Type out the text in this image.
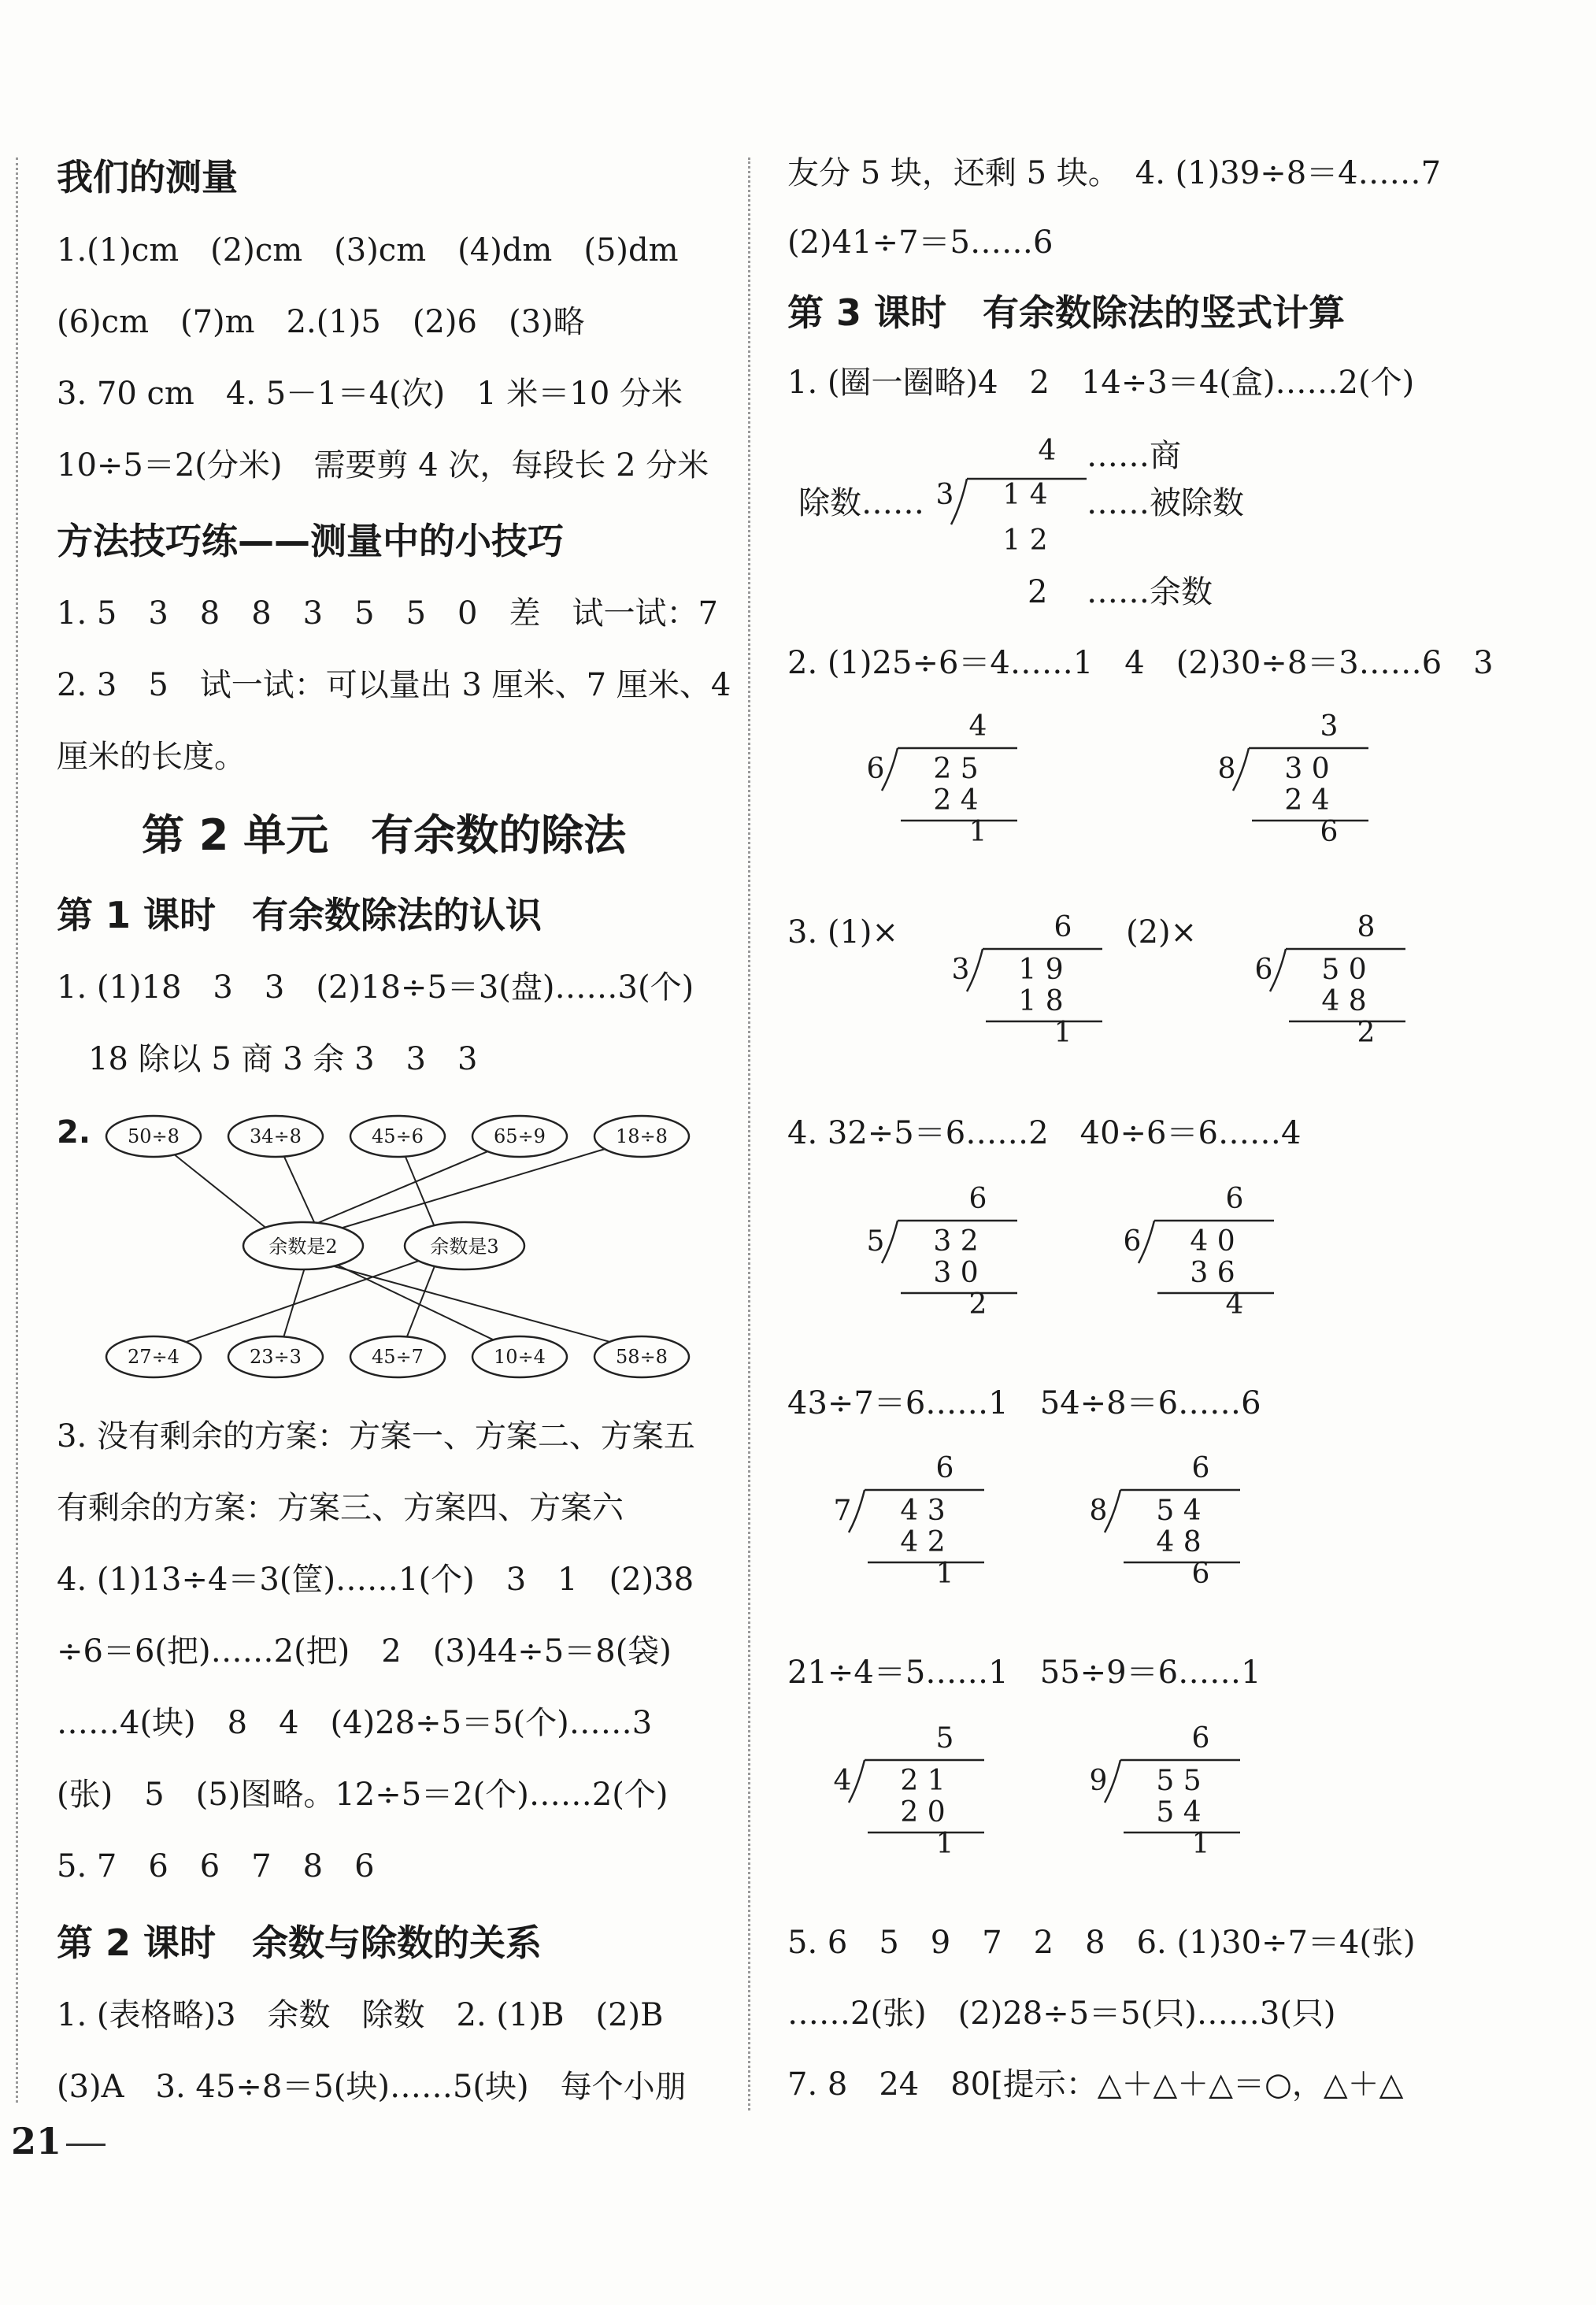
我们的测量
1.(1)cm　(2)cm　(3)cm　(4)dm　(5)dm
(6)cm　(7)m　2.(1)5　(2)6　(3)略
3. 70 cm　4. 5－1＝4(次)　1 米＝10 分米
10÷5＝2(分米)　需要剪 4 次，每段长 2 分米
方法技巧练——测量中的小技巧
1. 5　3　8　8　3　5　5　0　差　试一试：7
2. 3　5　试一试：可以量出 3 厘米、7 厘米、4
厘米的长度。
第 2 单元　有余数的除法
第 1 课时　有余数除法的认识
1. (1)18　3　3　(2)18÷5＝3(盘)……3(个)
18 除以 5 商 3 余 3　3　3
2. 50÷8	34÷8	45÷6	65÷9	18÷8
余数是2	余数是3
27÷4	23÷3	45÷7	10÷4	58÷8
3. 没有剩余的方案：方案一、方案二、方案五
有剩余的方案：方案三、方案四、方案六
4. (1)13÷4＝3(筐)……1(个)　3　1　(2)38
÷6＝6(把)……2(把)　2　(3)44÷5＝8(袋)
……4(块)　8　4　(4)28÷5＝5(个)……3
(张)　5　(5)图略。12÷5＝2(个)……2(个)
5. 7　6　6　7　8　6
第 2 课时　余数与除数的关系
1. (表格略)3　余数　除数　2. (1)B　(2)B
(3)A　3. 45÷8＝5(块)……5(块)　每个小朋
21
友分 5 块，还剩 5 块。　4. (1)39÷8＝4……7
(2)41÷7＝5……6
第 3 课时　有余数除法的竖式计算
1. (圈一圈略)4　2　14÷3＝4(盒)……2(个)
除数……
4
3 1 4
1 2
2
……商
……被除数
……余数
2. (1)25÷6＝4……1　4　(2)30÷8＝3……6　3
3. (1)×	(2)×
4. 32÷5＝6……2　40÷6＝6……4
43÷7＝6……1　54÷8＝6……6
21÷4＝5……1　55÷9＝6……1
5. 6　5　9　7　2　8　6. (1)30÷7＝4(张)
……2(张)　(2)28÷5＝5(只)……3(只)
7. 8　24　80[提示：△＋△＋△＝○，△＋△
4
6 2 5
2 4
1
3
8 3 0
2 4
6
6
3 1 9
1 8
1
8
6 5 0
4 8
2
6
5 3 2
3 0
2
6
6 4 0
3 6
4
6
7 4 3
4 2
1
6
8 5 4
4 8
6
5
4 2 1
2 0
1
6
9 5 5
5 4
1
